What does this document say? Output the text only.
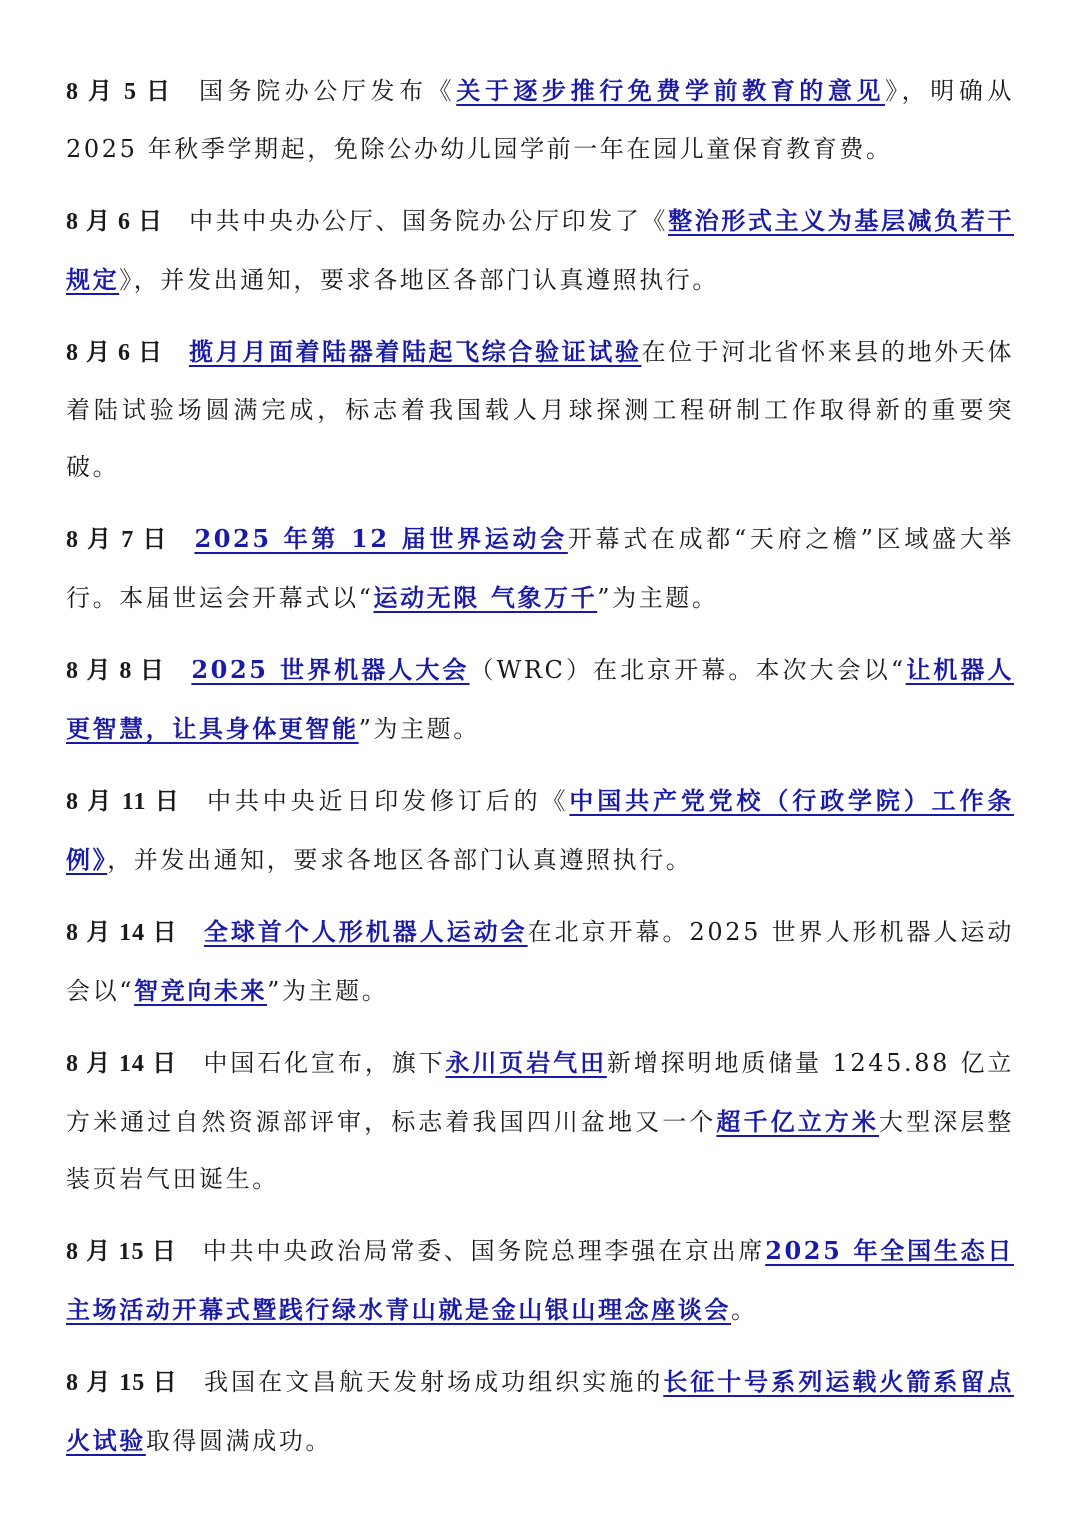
8 月 5 日 国务院办公厅发布《关于逐步推行免费学前教育的意见》，明确从 2025 年秋季学期起，免除公办幼儿园学前一年在园儿童保育教育费。

8 月 6 日 中共中央办公厅、国务院办公厅印发了《整治形式主义为基层减负若干规定》，并发出通知，要求各地区各部门认真遵照执行。

8 月 6 日 揽月月面着陆器着陆起飞综合验证试验在位于河北省怀来县的地外天体着陆试验场圆满完成，标志着我国载人月球探测工程研制工作取得新的重要突破。

8 月 7 日 2025 年第 12 届世界运动会开幕式在成都“天府之檐”区域盛大举行。本届世运会开幕式以“运动无限 气象万千”为主题。

8 月 8 日 2025 世界机器人大会（WRC）在北京开幕。本次大会以“让机器人更智慧，让具身体更智能”为主题。

8 月 11 日 中共中央近日印发修订后的《中国共产党党校（行政学院）工作条例》，并发出通知，要求各地区各部门认真遵照执行。

8 月 14 日 全球首个人形机器人运动会在北京开幕。2025 世界人形机器人运动会以“智竞向未来”为主题。

8 月 14 日 中国石化宣布，旗下永川页岩气田新增探明地质储量 1245.88 亿立方米通过自然资源部评审，标志着我国四川盆地又一个超千亿立方米大型深层整装页岩气田诞生。

8 月 15 日 中共中央政治局常委、国务院总理李强在京出席2025 年全国生态日主场活动开幕式暨践行绿水青山就是金山银山理念座谈会。

8 月 15 日 我国在文昌航天发射场成功组织实施的长征十号系列运载火箭系留点火试验取得圆满成功。
